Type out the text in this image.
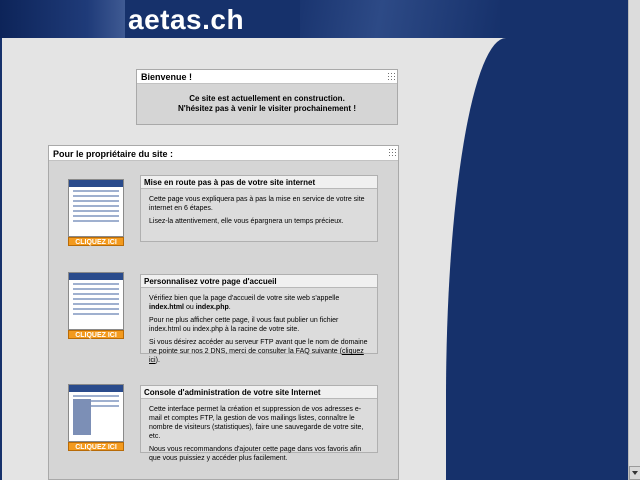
aetas.ch
Bienvenue !
Ce site est actuellement en construction.
N'hésitez pas à venir le visiter prochainement !
Pour le propriétaire du site :
CLIQUEZ ICI
Mise en route pas à pas de votre site internet

Cette page vous expliquera pas à pas la mise en service de votre site internet en 6 étapes.

Lisez-la attentivement, elle vous épargnera un temps précieux.

CLIQUEZ ICI
Personnalisez votre page d'accueil

Vérifiez bien que la page d'accueil de votre site web s'appelle index.html ou index.php.

Pour ne plus afficher cette page, il vous faut publier un fichier index.html ou index.php à la racine de votre site.

Si vous désirez accéder au serveur FTP avant que le nom de domaine ne pointe sur nos 2 DNS, merci de consulter la FAQ suivante (cliquez ici).

CLIQUEZ ICI
Console d'administration de votre site Internet

Cette interface permet la création et suppression de vos adresses e-mail et comptes FTP, la gestion de vos mailings listes, connaître le nombre de visiteurs (statistiques), faire une sauvegarde de votre site, etc.

Nous vous recommandons d'ajouter cette page dans vos favoris afin que vous puissiez y accéder plus facilement.
